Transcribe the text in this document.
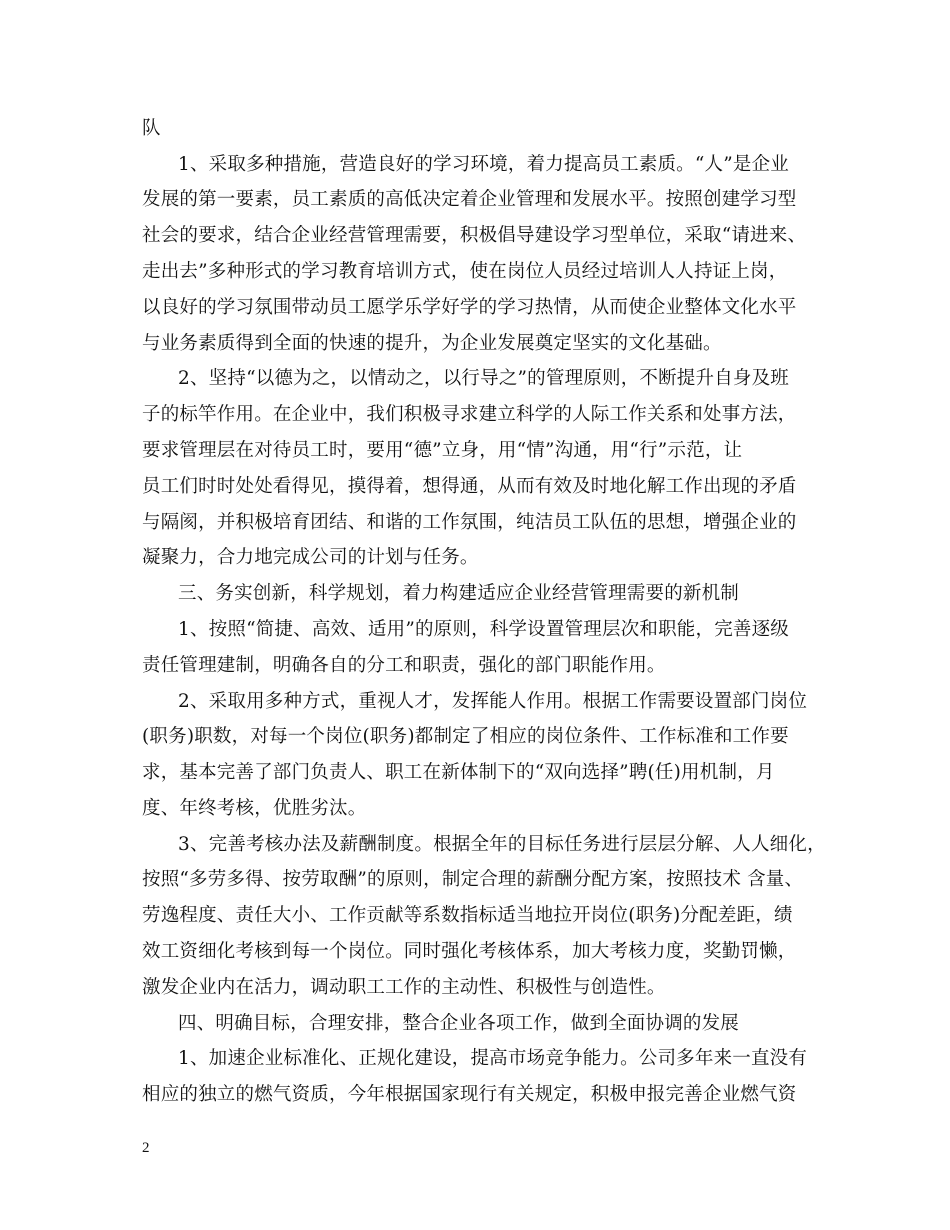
队
1、采取多种措施，营造良好的学习环境，着力提高员工素质。“人”是企业
发展的第一要素，员工素质的高低决定着企业管理和发展水平。按照创建学习型
社会的要求，结合企业经营管理需要，积极倡导建设学习型单位，采取“请进来、
走出去”多种形式的学习教育培训方式，使在岗位人员经过培训人人持证上岗，
以良好的学习氛围带动员工愿学乐学好学的学习热情，从而使企业整体文化水平
与业务素质得到全面的快速的提升，为企业发展奠定坚实的文化基础。
2、坚持“以德为之，以情动之，以行导之”的管理原则，不断提升自身及班
子的标竿作用。在企业中，我们积极寻求建立科学的人际工作关系和处事方法，
要求管理层在对待员工时，要用“德”立身，用“情”沟通，用“行”示范，让
员工们时时处处看得见，摸得着，想得通，从而有效及时地化解工作出现的矛盾
与隔阂，并积极培育团结、和谐的工作氛围，纯洁员工队伍的思想，增强企业的
凝聚力，合力地完成公司的计划与任务。
三、务实创新，科学规划，着力构建适应企业经营管理需要的新机制
1、按照“简捷、高效、适用”的原则，科学设置管理层次和职能，完善逐级
责任管理建制，明确各自的分工和职责，强化的部门职能作用。
2、采取用多种方式，重视人才，发挥能人作用。根据工作需要设置部门岗位
(职务)职数，对每一个岗位(职务)都制定了相应的岗位条件、工作标准和工作要
求，基本完善了部门负责人、职工在新体制下的“双向选择”聘(任)用机制，月
度、年终考核，优胜劣汰。
3、完善考核办法及薪酬制度。根据全年的目标任务进行层层分解、人人细化，
按照“多劳多得、按劳取酬”的原则，制定合理的薪酬分配方案，按照技术 含量、
劳逸程度、责任大小、工作贡献等系数指标适当地拉开岗位(职务)分配差距，绩
效工资细化考核到每一个岗位。同时强化考核体系，加大考核力度，奖勤罚懒，
激发企业内在活力，调动职工工作的主动性、积极性与创造性。
四、明确目标，合理安排，整合企业各项工作，做到全面协调的发展
1、加速企业标准化、正规化建设，提高市场竞争能力。公司多年来一直没有
相应的独立的燃气资质，今年根据国家现行有关规定，积极申报完善企业燃气资
2
